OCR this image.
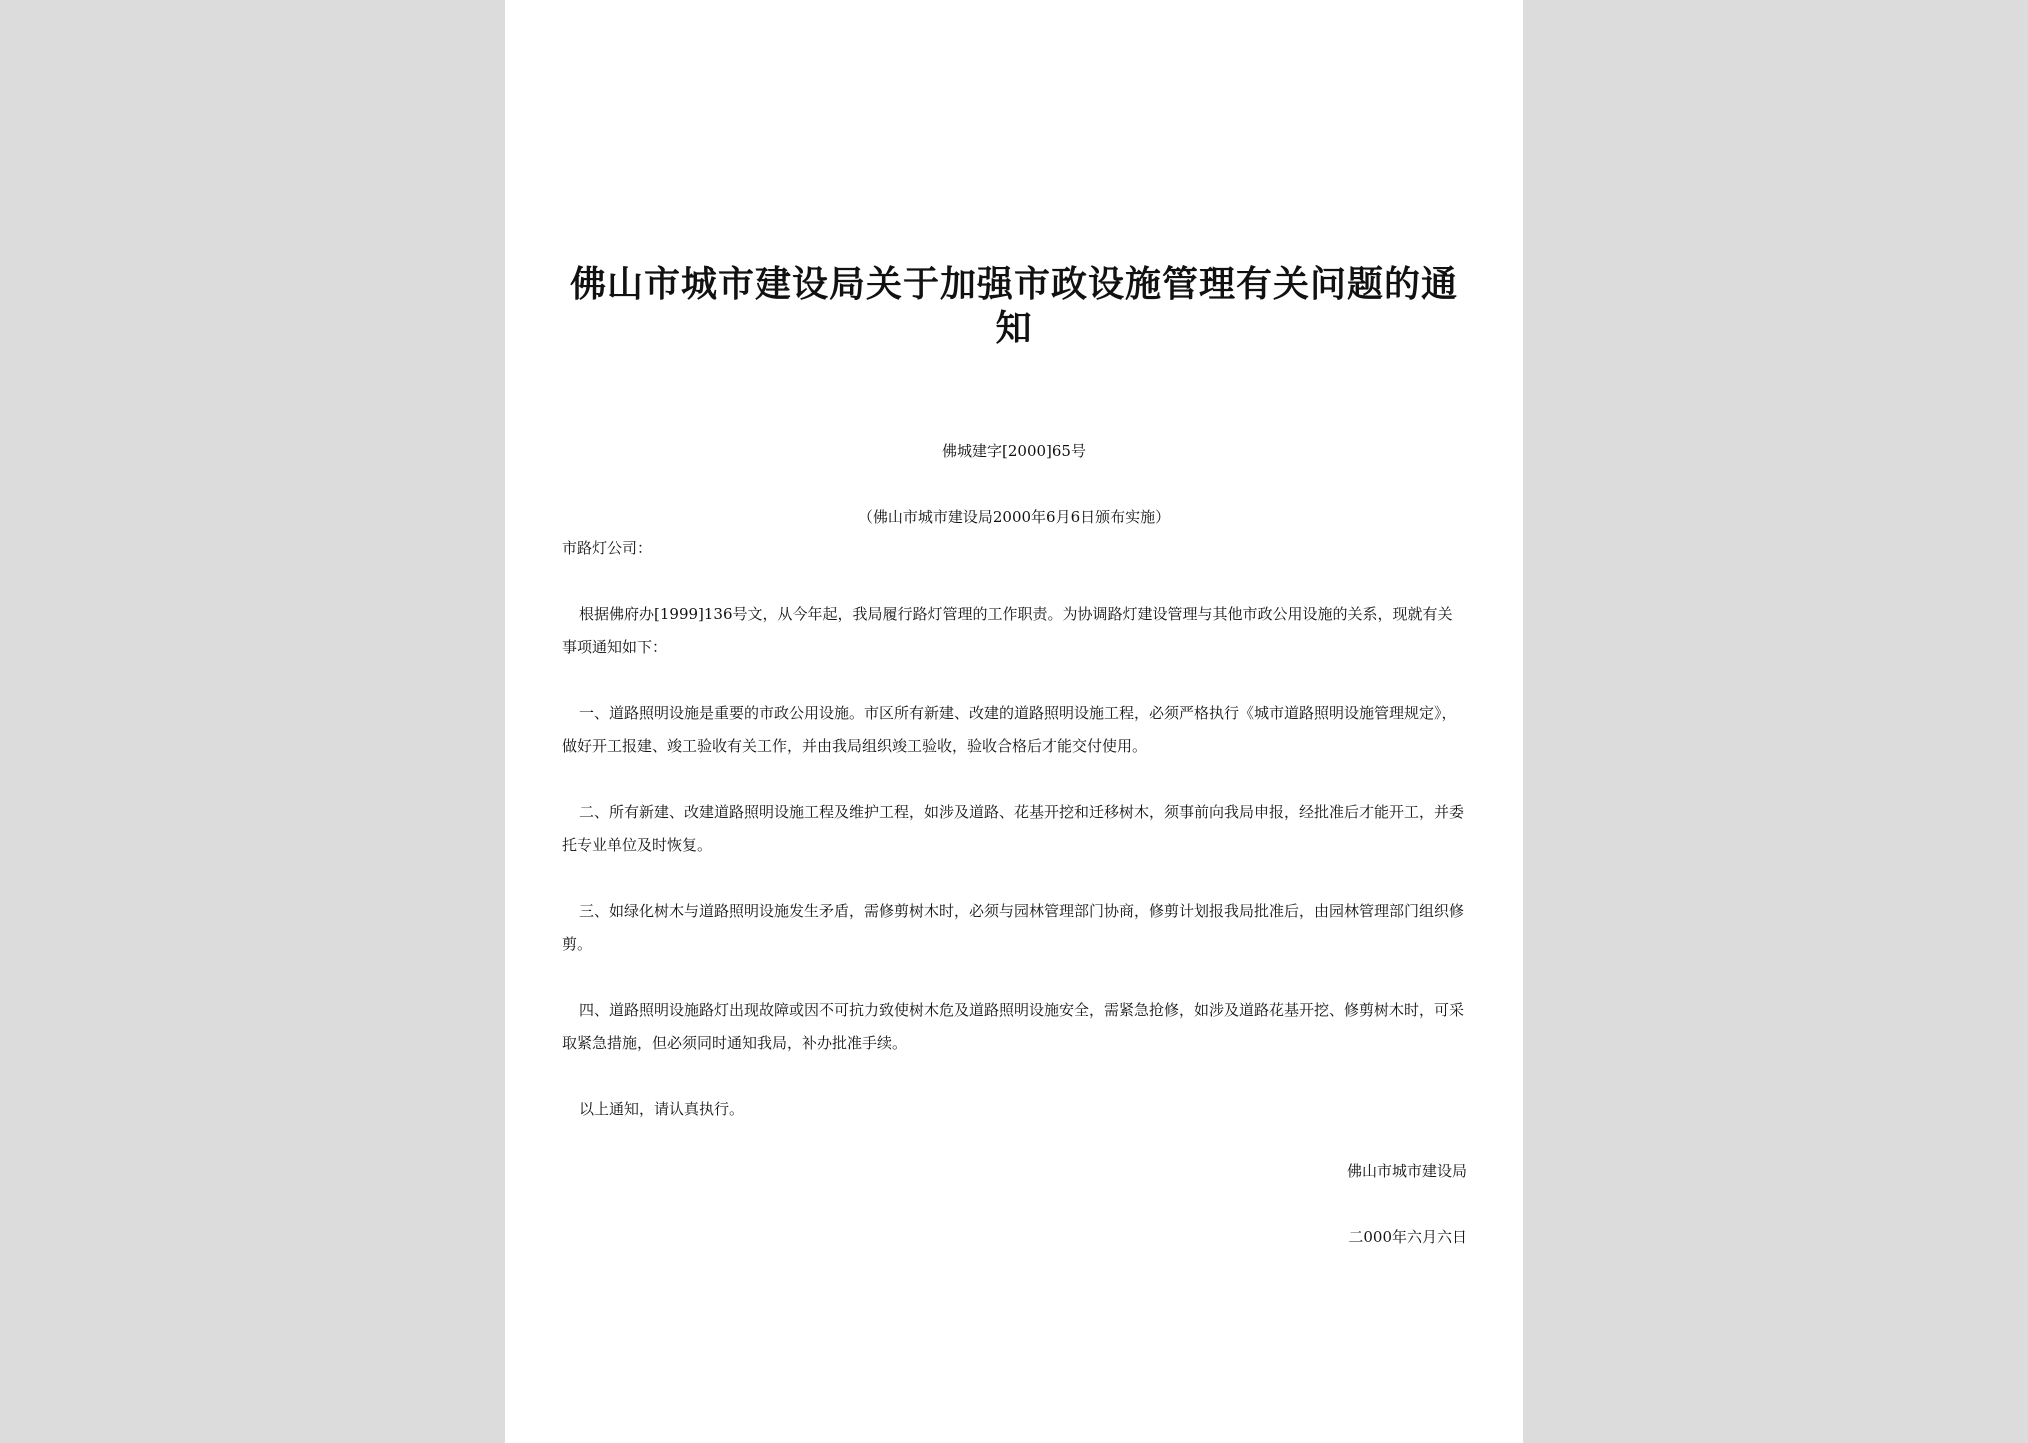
佛山市城市建设局关于加强市政设施管理有关问题的通知
佛城建字[2000]65号
（佛山市城市建设局2000年6月6日颁布实施）
市路灯公司：
根据佛府办[1999]136号文，从今年起，我局履行路灯管理的工作职责。为协调路灯建设管理与其他市政公用设施的关系，现就有关事项通知如下：
一、道路照明设施是重要的市政公用设施。市区所有新建、改建的道路照明设施工程，必须严格执行《城市道路照明设施管理规定》，做好开工报建、竣工验收有关工作，并由我局组织竣工验收，验收合格后才能交付使用。
二、所有新建、改建道路照明设施工程及维护工程，如涉及道路、花基开挖和迁移树木，须事前向我局申报，经批准后才能开工，并委托专业单位及时恢复。
三、如绿化树木与道路照明设施发生矛盾，需修剪树木时，必须与园林管理部门协商，修剪计划报我局批准后，由园林管理部门组织修剪。
四、道路照明设施路灯出现故障或因不可抗力致使树木危及道路照明设施安全，需紧急抢修，如涉及道路花基开挖、修剪树木时，可采取紧急措施，但必须同时通知我局，补办批准手续。
以上通知，请认真执行。
佛山市城市建设局
二000年六月六日
